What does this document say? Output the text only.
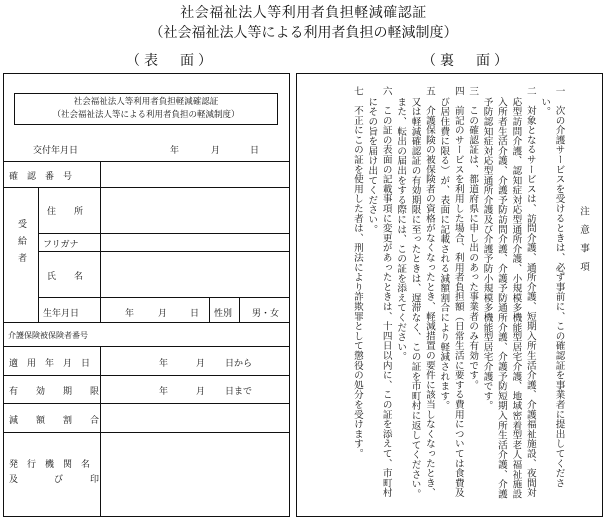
社会福祉法人等利用者負担軽減確認証
（社会福祉法人等による利用者負担の軽減制度）
（表　面）	（裏　面）
社会福祉法人等利用者負担軽減確認証
（社会福祉法人等による利用者負担の軽減制度）
交付年月日	年	月	日
確　認　番　号
受給者
住　　所
フリガナ
氏　　名
生年月日	年	月	日 性別 男・女
介護保険被保険者番号
適　用　年　月　日	年	月 日から
有　　効　　期　　限	年	月 日まで
減　　額　　割　　合
発　行　機　関　名
及　　　　び　　　印
注意事項
一　次の介護サービスを受けるときは、必ず事前に、この確認証を事業者に提出してください。
二　対象となるサービスは、訪問介護、通所介護、短期入所生活介護、介護福祉施設、夜間対応型訪問介護、認知症対応型通所介護、小規模多機能型居宅介護、地域密着型老人福祉施設入所者生活介護、介護予防訪問介護、介護予防通所介護、介護予防短期入所生活介護、介護予防認知症対応型通所介護及び介護予防小規模多機能型居宅介護です。
三　この確認証は、都道府県に申し出のあった事業者のみ有効です。
四　前記のサービスを利用した場合、利用者負担額（日常生活に要する費用については食費及び居住費に限る）が、表面に記載される減額割合により軽減されます。
五　介護保険の被保険者の資格がなくなったとき、軽減措置の要件に該当しなくなったとき、又は軽減確認証の有効期限に至ったときは、遅滞なく、この証を市町村に返してください。また、転出の届出をする際には、この証を添えてください。
六　この証の表面の記載事項に変更があったときは、十四日以内に、この証を添えて、市町村にその旨を届け出てください。
七　不正にこの証を使用した者は、刑法により詐欺罪として懲役の処分を受けます。
